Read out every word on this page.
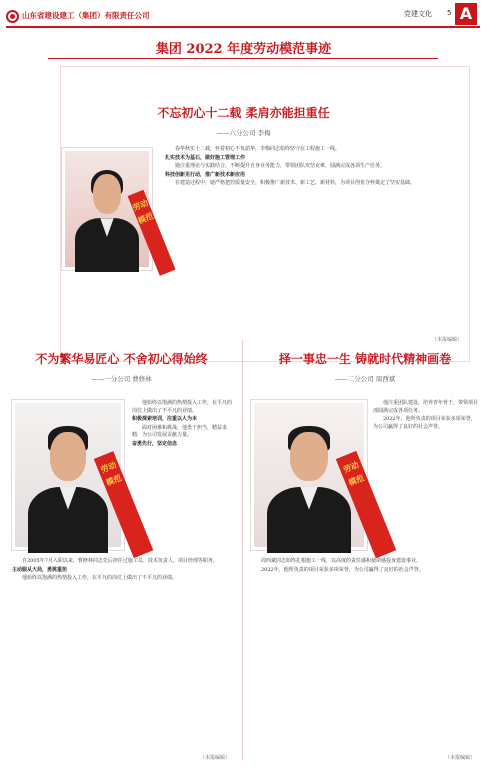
山东省建设建工（集团）有限责任公司	党建文化 5 A
集团 2022 年度劳动模范事迹
不忘初心十二载 柔肩亦能担重任
——六分公司 李梅
劳动模范

春华秋实十二载，怀着初心不负韶华，李梅同志始终坚守在工程施工一线。

扎实技术为基石，做好施工管理工作

她注重理论与实践结合，不断提升自身业务能力，带领团队攻坚克难，圆满完成各项生产任务。

科技创新见行动，推广新技术新应用

在建造过程中，她严格把控质量安全，积极推广新技术、新工艺、新材料，为项目创优夺杯奠定了坚实基础。

（本报编辑）
不为繁华易匠心 不舍初心得始终
——一分公司 曹修林
劳动模范

他始终以饱满的热情投入工作，在平凡的岗位上做出了不平凡的业绩。

积极探索培训，注重以人为本

面对困难和挑战，他勇于担当，精益求精，为公司发展贡献力量。

奋勇先行，坚定信念

自2005年7月入职以来，曹修林同志先后担任过施工员、技术负责人、项目经理等职务。

主动服从大局，勇挑重担

他始终以饱满的热情投入工作，在平凡的岗位上做出了不平凡的业绩。

（本报编辑）
择一事忠一生 铸就时代精神画卷
——二分公司 周西斌
劳动模范

他注重团队建设，培养青年骨干，带领项目部圆满完成各项任务。

2022年，他所负责的项目荣获多项荣誉，为公司赢得了良好的社会声誉。

周西斌同志始终扎根施工一线，以高度的责任感和使命感投身建设事业。

2022年，他所负责的项目荣获多项荣誉，为公司赢得了良好的社会声誉。

（本报编辑）
